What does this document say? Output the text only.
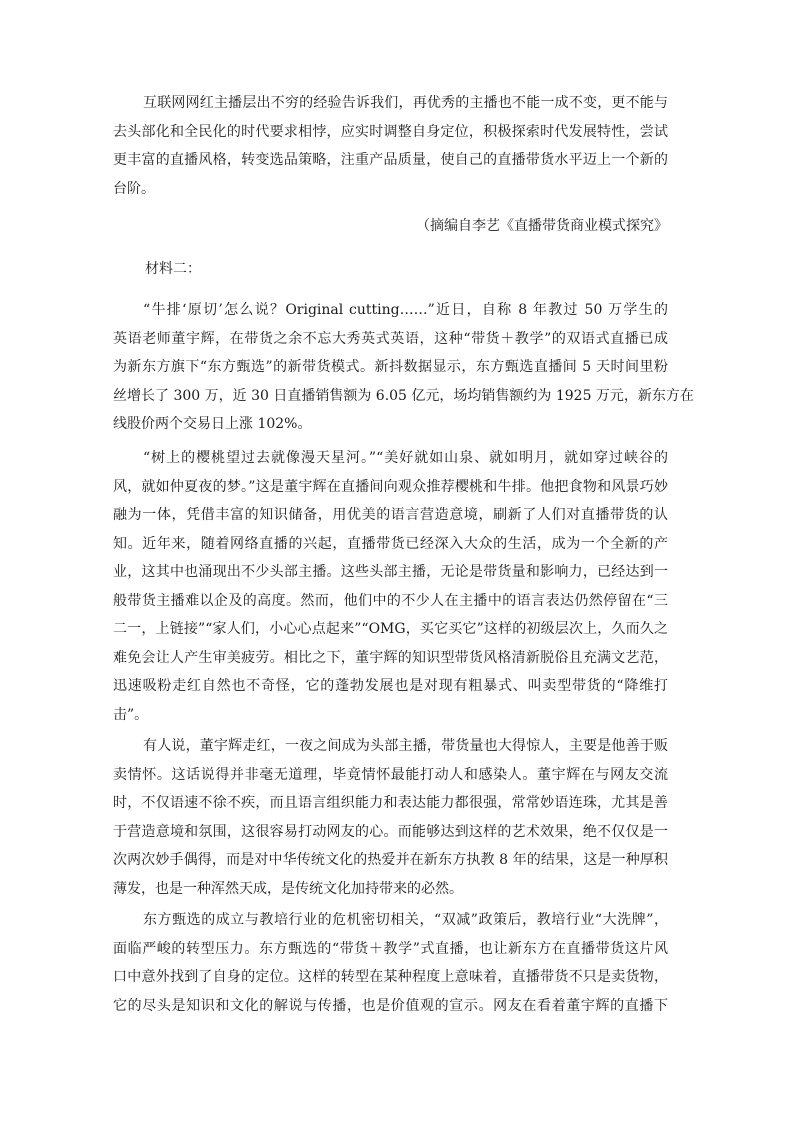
互联网网红主播层出不穷的经验告诉我们，再优秀的主播也不能一成不变，更不能与
去头部化和全民化的时代要求相悖，应实时调整自身定位，积极探索时代发展特性，尝试
更丰富的直播风格，转变选品策略，注重产品质量，使自己的直播带货水平迈上一个新的
台阶。
（摘编自李艺《直播带货商业模式探究》
材料二：
“牛排‘原切’怎么说？Original cutting……”近日，自称 8 年教过 50 万学生的
英语老师董宇辉，在带货之余不忘大秀英式英语，这种“带货＋教学”的双语式直播已成
为新东方旗下“东方甄选”的新带货模式。新抖数据显示，东方甄选直播间 5 天时间里粉
丝增长了 300 万，近 30 日直播销售额为 6.05 亿元，场均销售额约为 1925 万元，新东方在
线股价两个交易日上涨 102%。
“树上的樱桃望过去就像漫天星河。”“美好就如山泉、就如明月，就如穿过峡谷的
风，就如仲夏夜的梦。”这是董宇辉在直播间向观众推荐樱桃和牛排。他把食物和风景巧妙
融为一体，凭借丰富的知识储备，用优美的语言营造意境，刷新了人们对直播带货的认
知。近年来，随着网络直播的兴起，直播带货已经深入大众的生活，成为一个全新的产
业，这其中也涌现出不少头部主播。这些头部主播，无论是带货量和影响力，已经达到一
般带货主播难以企及的高度。然而，他们中的不少人在主播中的语言表达仍然停留在“三
二一，上链接”“家人们，小心心点起来”“OMG，买它买它”这样的初级层次上，久而久之
难免会让人产生审美疲劳。相比之下，董宇辉的知识型带货风格清新脱俗且充满文艺范，
迅速吸粉走红自然也不奇怪，它的蓬勃发展也是对现有粗暴式、叫卖型带货的“降维打
击”。
有人说，董宇辉走红，一夜之间成为头部主播，带货量也大得惊人，主要是他善于贩
卖情怀。这话说得并非毫无道理，毕竟情怀最能打动人和感染人。董宇辉在与网友交流
时，不仅语速不徐不疾，而且语言组织能力和表达能力都很强，常常妙语连珠，尤其是善
于营造意境和氛围，这很容易打动网友的心。而能够达到这样的艺术效果，绝不仅仅是一
次两次妙手偶得，而是对中华传统文化的热爱并在新东方执教 8 年的结果，这是一种厚积
薄发，也是一种浑然天成，是传统文化加持带来的必然。
东方甄选的成立与教培行业的危机密切相关，“双减”政策后，教培行业“大洗牌”，
面临严峻的转型压力。东方甄选的“带货＋教学”式直播，也让新东方在直播带货这片风
口中意外找到了自身的定位。这样的转型在某种程度上意味着，直播带货不只是卖货物，
它的尽头是知识和文化的解说与传播，也是价值观的宣示。网友在看着董宇辉的直播下
